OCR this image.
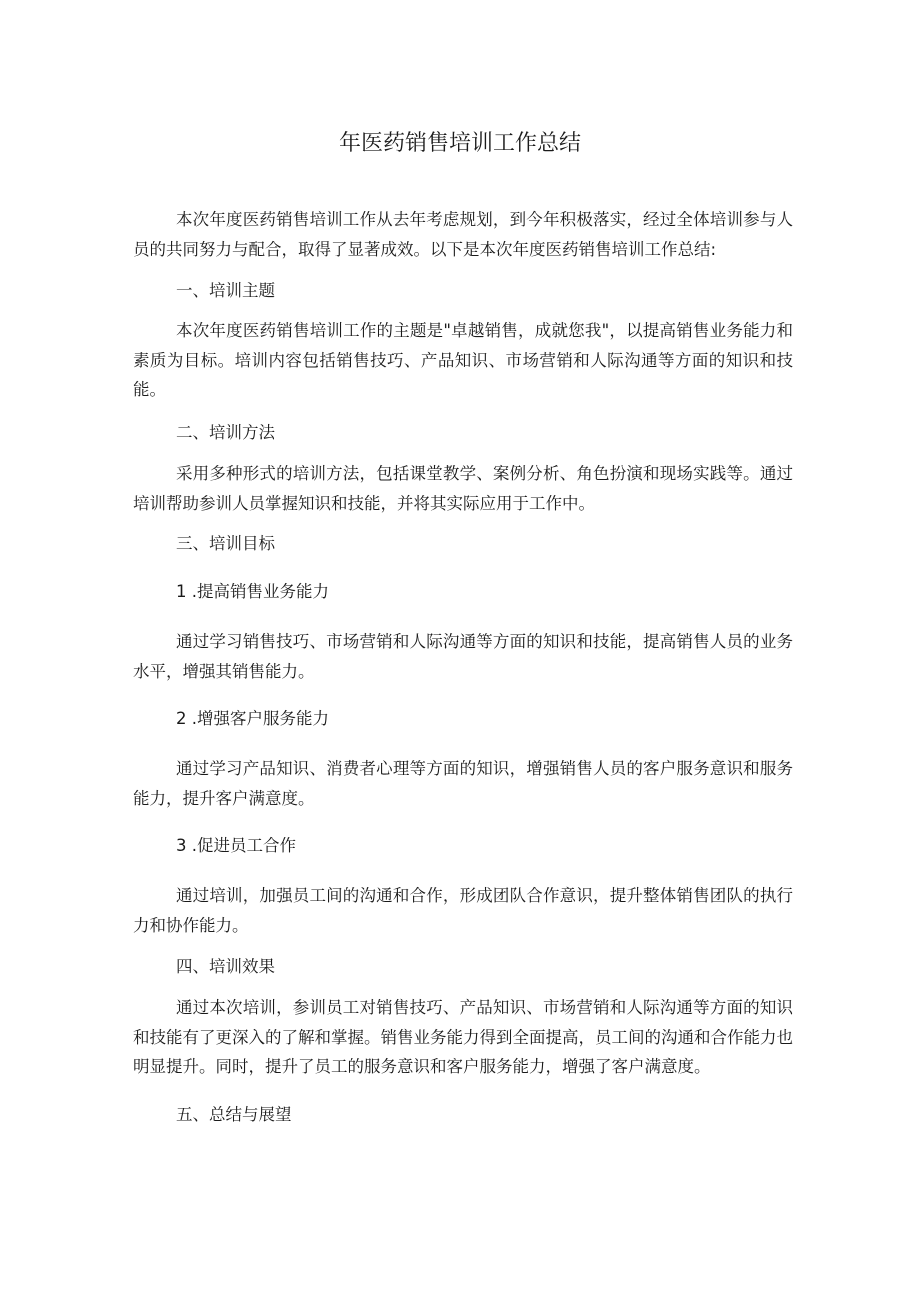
年医药销售培训工作总结
本次年度医药销售培训工作从去年考虑规划，到今年积极落实，经过全体培训参与人员的共同努力与配合，取得了显著成效。以下是本次年度医药销售培训工作总结:
一、培训主题
本次年度医药销售培训工作的主题是"卓越销售，成就您我"，以提高销售业务能力和素质为目标。培训内容包括销售技巧、产品知识、市场营销和人际沟通等方面的知识和技能。
二、培训方法
采用多种形式的培训方法，包括课堂教学、案例分析、角色扮演和现场实践等。通过培训帮助参训人员掌握知识和技能，并将其实际应用于工作中。
三、培训目标
1 .提高销售业务能力
通过学习销售技巧、市场营销和人际沟通等方面的知识和技能，提高销售人员的业务水平，增强其销售能力。
2 .增强客户服务能力
通过学习产品知识、消费者心理等方面的知识，增强销售人员的客户服务意识和服务能力，提升客户满意度。
3 .促进员工合作
通过培训，加强员工间的沟通和合作，形成团队合作意识，提升整体销售团队的执行力和协作能力。
四、培训效果
通过本次培训，参训员工对销售技巧、产品知识、市场营销和人际沟通等方面的知识和技能有了更深入的了解和掌握。销售业务能力得到全面提高，员工间的沟通和合作能力也明显提升。同时，提升了员工的服务意识和客户服务能力，增强了客户满意度。
五、总结与展望
